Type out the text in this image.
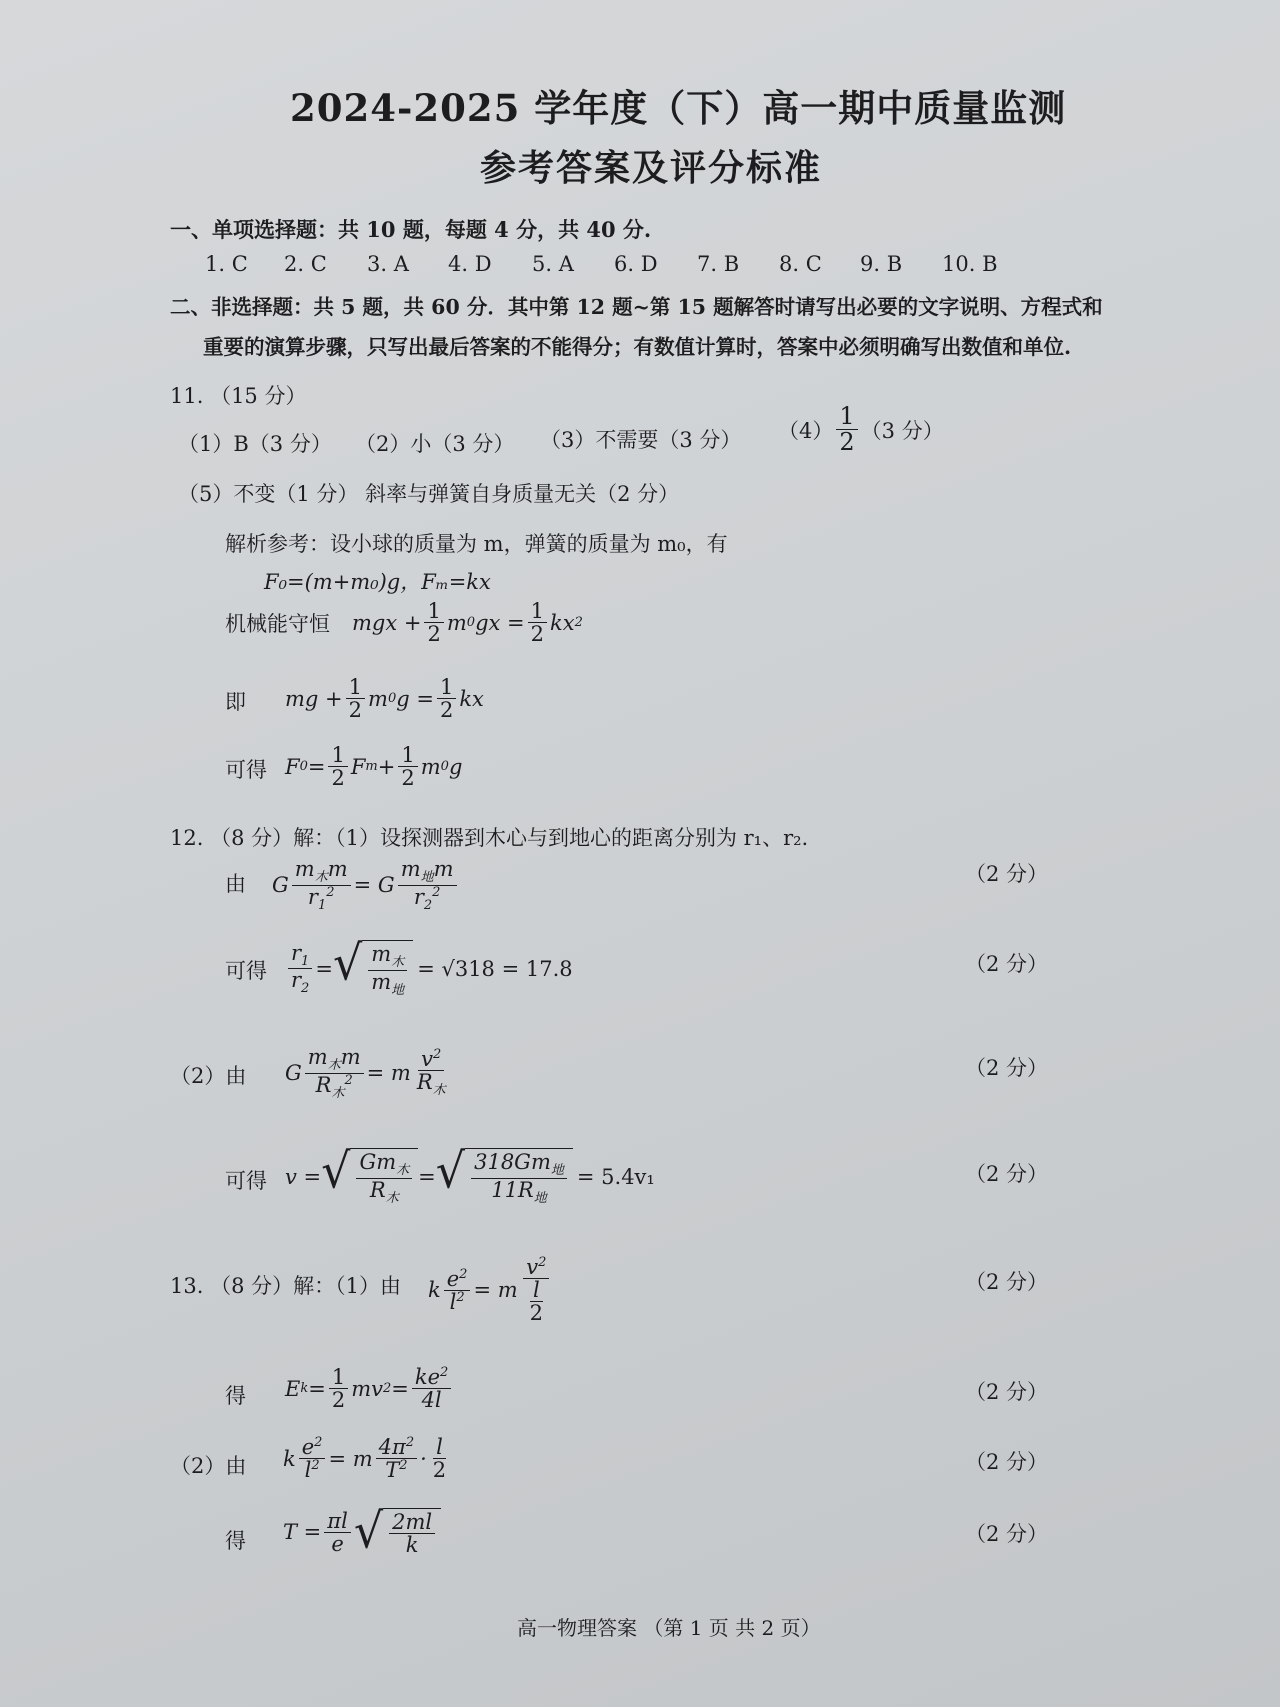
2024-2025 学年度（下）高一期中质量监测
参考答案及评分标准
一、单项选择题：共 10 题，每题 4 分，共 40 分.
1. C	2. C	3. A	4. D	5. A	6. D	7. B	8. C	9. B	10. B
二、非选择题：共 5 题，共 60 分．其中第 12 题~第 15 题解答时请写出必要的文字说明、方程式和
重要的演算步骤，只写出最后答案的不能得分；有数值计算时，答案中必须明确写出数值和单位.
11. （15 分）
（1）B（3 分） （2）小（3 分） （3）不需要（3 分） $(4) \frac{1}{2} (3$ 分）
（5）不变（1 分） 斜率与弹簧自身质量无关（2 分）
解析参考：设小球的质量为 m，弹簧的质量为 m₀，有
F₀=(m+m₀)g，Fₘ=kx
机械能守恒 mgx + $\frac{1}{2}$ m 0 gx = $\frac{1}{2}$ kx 2
即 mg + $\frac{1}{2}$ m 0 $g = \frac{1}{2}$ kx
可得 F $0 = \frac{1}{2}$ F $m + \frac{1}{2}$ m 0 g
12. （8 分）解：（1）设探测器到木心与到地心的距离分别为 r₁、r₂.
由 G $\frac{m_木m}{r_1^2} = G \frac{m_地m}{r_2^2}$	（2 分）
可得 $\frac{r_1}{r_2}$ = √ $\frac{m_木}{m_地} = √318 = 17.8$	（2 分）
（2）由 G $\frac{m_木m}{R_木^2} = m \frac{v^2}{R_木}$	（2 分）
可得 v = √ $\frac{Gm_木}{R_木}$ = √ $\frac{318Gm_地}{11R_地} = 5.4v_1$	（2 分）
13. （8 分）解：（1）由 k $\frac{e^2}{l^2} = m \frac{v^2}{\frac{l}{2}}$	（2 分）
得 E $k = \frac{1}{2}$ mv $2 = \frac{ke^2}{4l}$	（2 分）
（2）由 k $\frac{e^2}{l^2} = m \frac{4\pi^2}{T^2} \cdot \frac{l}{2}$	（2 分）
得 $T = \frac{\pi l}{e}$ √ $\frac{2ml}{k}$	（2 分）
高一物理答案 （第 1 页 共 2 页）
